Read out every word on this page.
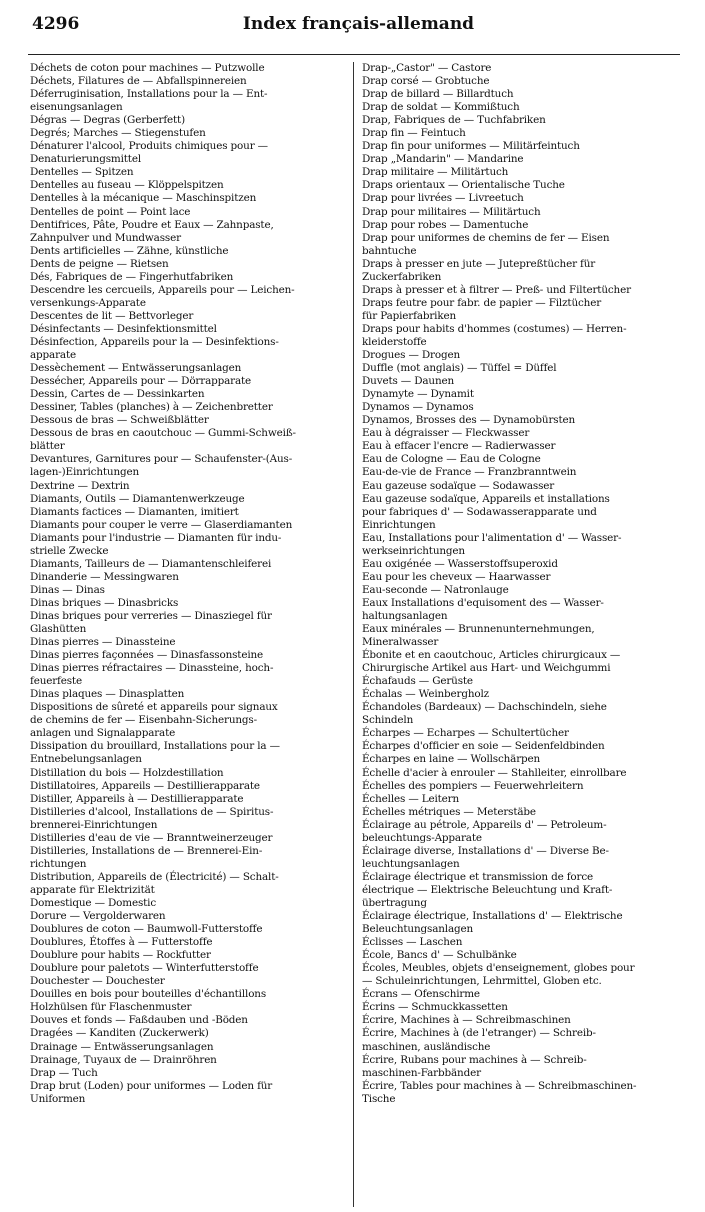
4296	Index français-allemand
Déchets de coton pour machines — Putzwolle
Déchets, Filatures de — Abfallspinnereien
Déferruginisation, Installations pour la — Ent-
eisenungsanlagen
Dégras — Degras (Gerberfett)
Degrés; Marches — Stiegenstufen
Dénaturer l'alcool, Produits chimiques pour —
Denaturierungsmittel
Dentelles — Spitzen
Dentelles au fuseau — Klöppelspitzen
Dentelles à la mécanique — Maschinspitzen
Dentelles de point — Point lace
Dentifrices, Pâte, Poudre et Eaux — Zahnpaste,
Zahnpulver und Mundwasser
Dents artificielles — Zähne, künstliche
Dents de peigne — Rietsen
Dés, Fabriques de — Fingerhutfabriken
Descendre les cercueils, Appareils pour — Leichen-
versenkungs-Apparate
Descentes de lit — Bettvorleger
Désinfectants — Desinfektionsmittel
Désinfection, Appareils pour la — Desinfektions-
apparate
Dessèchement — Entwässerungsanlagen
Dessécher, Appareils pour — Dörrapparate
Dessin, Cartes de — Dessinkarten
Dessiner, Tables (planches) à — Zeichenbretter
Dessous de bras — Schweißblätter
Dessous de bras en caoutchouc — Gummi-Schweiß-
blätter
Devantures, Garnitures pour — Schaufenster-(Aus-
lagen-)Einrichtungen
Dextrine — Dextrin
Diamants, Outils — Diamantenwerkzeuge
Diamants factices — Diamanten, imitiert
Diamants pour couper le verre — Glaserdiamanten
Diamants pour l'industrie — Diamanten für indu-
strielle Zwecke
Diamants, Tailleurs de — Diamantenschleiferei
Dinanderie — Messingwaren
Dinas — Dinas
Dinas briques — Dinasbricks
Dinas briques pour verreries — Dinasziegel für
Glashütten
Dinas pierres — Dinassteine
Dinas pierres façonnées — Dinasfassonsteine
Dinas pierres réfractaires — Dinassteine, hoch-
feuerfeste
Dinas plaques — Dinasplatten
Dispositions de sûreté et appareils pour signaux
de chemins de fer — Eisenbahn-Sicherungs-
anlagen und Signalapparate
Dissipation du brouillard, Installations pour la —
Entnebelungsanlagen
Distillation du bois — Holzdestillation
Distillatoires, Appareils — Destillierapparate
Distiller, Appareils à — Destillierapparate
Distilleries d'alcool, Installations de — Spiritus-
brennerei-Einrichtungen
Distilleries d'eau de vie — Branntweinerzeuger
Distilleries, Installations de — Brennerei-Ein-
richtungen
Distribution, Appareils de (Électricité) — Schalt-
apparate für Elektrizität
Domestique — Domestic
Dorure — Vergolderwaren
Doublures de coton — Baumwoll-Futterstoffe
Doublures, Étoffes à — Futterstoffe
Doublure pour habits — Rockfutter
Doublure pour paletots — Winterfutterstoffe
Douchester — Douchester
Douilles en bois pour bouteilles d'échantillons
Holzhülsen für Flaschenmuster
Douves et fonds — Faßdauben und -Böden
Dragées — Kanditen (Zuckerwerk)
Drainage — Entwässerungsanlagen
Drainage, Tuyaux de — Drainröhren
Drap — Tuch
Drap brut (Loden) pour uniformes — Loden für
Uniformen
Drap-„Castor" — Castore
Drap corsé — Grobtuche
Drap de billard — Billardtuch
Drap de soldat — Kommißtuch
Drap, Fabriques de — Tuchfabriken
Drap fin — Feintuch
Drap fin pour uniformes — Militärfeintuch
Drap „Mandarin" — Mandarine
Drap militaire — Militärtuch
Draps orientaux — Orientalische Tuche
Drap pour livrées — Livreetuch
Drap pour militaires — Militärtuch
Drap pour robes — Damentuche
Drap pour uniformes de chemins de fer — Eisen
bahntuche
Draps à presser en jute — Jutepreßtücher für
Zuckerfabriken
Draps à presser et à filtrer — Preß- und Filtertücher
Draps feutre pour fabr. de papier — Filztücher
für Papierfabriken
Draps pour habits d'hommes (costumes) — Herren-
kleiderstoffe
Drogues — Drogen
Duffle (mot anglais) — Tüffel = Düffel
Duvets — Daunen
Dynamyte — Dynamit
Dynamos — Dynamos
Dynamos, Brosses des — Dynamobürsten
Eau à dégraisser — Fleckwasser
Eau à effacer l'encre — Radierwasser
Eau de Cologne — Eau de Cologne
Eau-de-vie de France — Franzbranntwein
Eau gazeuse sodaïque — Sodawasser
Eau gazeuse sodaïque, Appareils et installations
pour fabriques d' — Sodawasserapparate und
Einrichtungen
Eau, Installations pour l'alimentation d' — Wasser-
werkseinrichtungen
Eau oxigénée — Wasserstoffsuperoxid
Eau pour les cheveux — Haarwasser
Eau-seconde — Natronlauge
Eaux Installations d'equisoment des — Wasser-
haltungsanlagen
Eaux minérales — Brunnenunternehmungen,
Mineralwasser
Ébonite et en caoutchouc, Articles chirurgicaux —
Chirurgische Artikel aus Hart- und Weichgummi
Échafauds — Gerüste
Échalas — Weinbergholz
Échandoles (Bardeaux) — Dachschindeln, siehe
Schindeln
Écharpes — Echarpes — Schultertücher
Écharpes d'officier en soie — Seidenfeldbinden
Écharpes en laine — Wollschärpen
Échelle d'acier à enrouler — Stahlleiter, einrollbare
Échelles des pompiers — Feuerwehrleitern
Échelles — Leitern
Échelles métriques — Meterstäbe
Éclairage au pétrole, Appareils d' — Petroleum-
beleuchtungs-Apparate
Éclairage diverse, Installations d' — Diverse Be-
leuchtungsanlagen
Éclairage électrique et transmission de force
électrique — Elektrische Beleuchtung und Kraft-
übertragung
Éclairage électrique, Installations d' — Elektrische
Beleuchtungsanlagen
Éclisses — Laschen
École, Bancs d' — Schulbänke
Écoles, Meubles, objets d'enseignement, globes pour
— Schuleinrichtungen, Lehrmittel, Globen etc.
Écrans — Ofenschirme
Écrins — Schmuckkassetten
Écrire, Machines à — Schreibmaschinen
Écrire, Machines à (de l'etranger) — Schreib-
maschinen, ausländische
Écrire, Rubans pour machines à — Schreib-
maschinen-Farbbänder
Écrire, Tables pour machines à — Schreibmaschinen-
Tische
